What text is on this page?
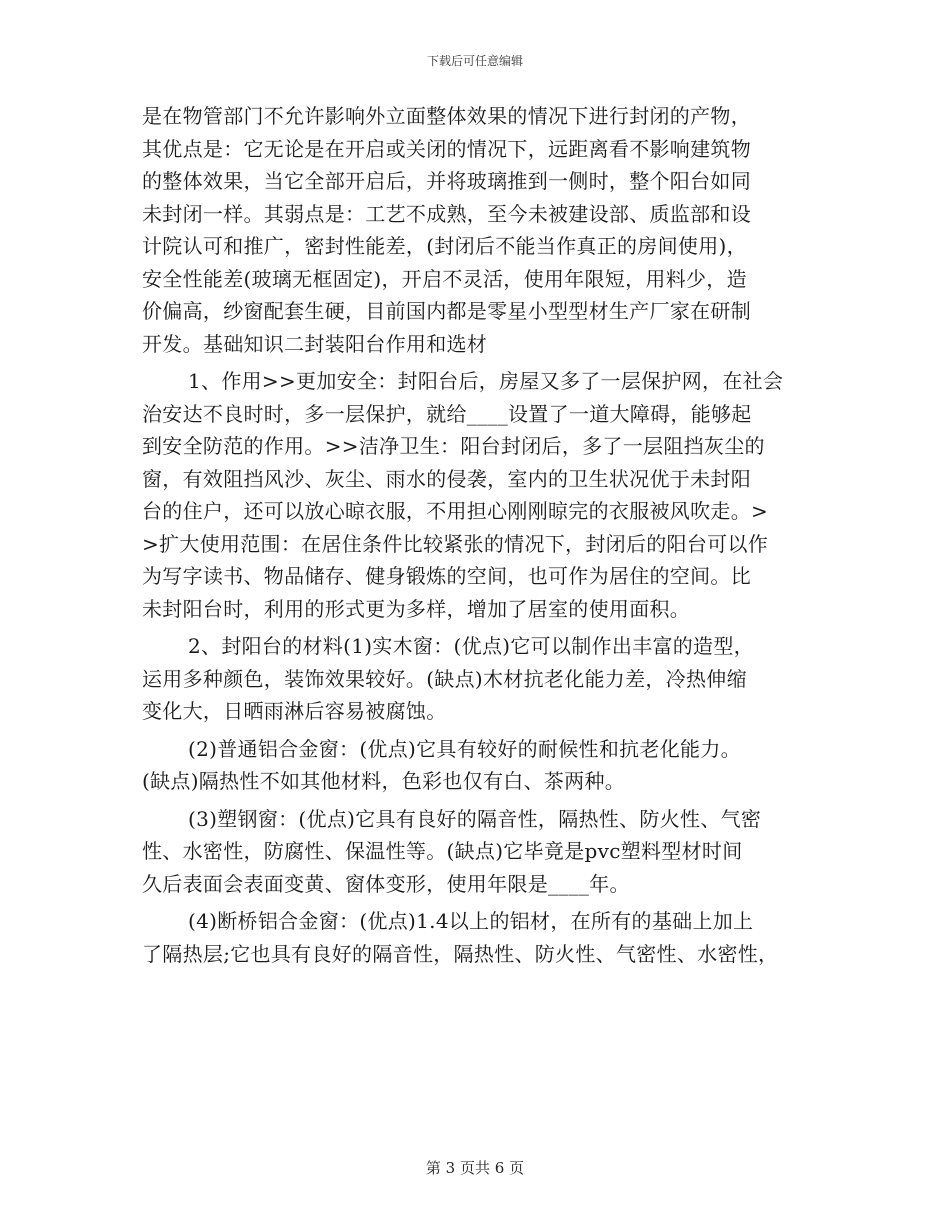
下载后可任意编辑
是在物管部门不允许影响外立面整体效果的情况下进行封闭的产物，
其优点是：它无论是在开启或关闭的情况下，远距离看不影响建筑物
的整体效果，当它全部开启后，并将玻璃推到一侧时，整个阳台如同
未封闭一样。其弱点是：工艺不成熟，至今未被建设部、质监部和设
计院认可和推广，密封性能差，(封闭后不能当作真正的房间使用)，
安全性能差(玻璃无框固定)，开启不灵活，使用年限短，用料少，造
价偏高，纱窗配套生硬，目前国内都是零星小型型材生产厂家在研制
开发。基础知识二封装阳台作用和选材
1、作用>>更加安全：封阳台后，房屋又多了一层保护网，在社会
治安达不良时时，多一层保护，就给____设置了一道大障碍，能够起
到安全防范的作用。>>洁净卫生：阳台封闭后，多了一层阻挡灰尘的
窗，有效阻挡风沙、灰尘、雨水的侵袭，室内的卫生状况优于未封阳
台的住户，还可以放心晾衣服，不用担心刚刚晾完的衣服被风吹走。>
>扩大使用范围：在居住条件比较紧张的情况下，封闭后的阳台可以作
为写字读书、物品储存、健身锻炼的空间，也可作为居住的空间。比
未封阳台时，利用的形式更为多样，增加了居室的使用面积。
2、封阳台的材料(1)实木窗：(优点)它可以制作出丰富的造型，
运用多种颜色，装饰效果较好。(缺点)木材抗老化能力差，冷热伸缩
变化大，日晒雨淋后容易被腐蚀。
(2)普通铝合金窗：(优点)它具有较好的耐候性和抗老化能力。
(缺点)隔热性不如其他材料，色彩也仅有白、茶两种。
(3)塑钢窗：(优点)它具有良好的隔音性，隔热性、防火性、气密
性、水密性，防腐性、保温性等。(缺点)它毕竟是pvc塑料型材时间
久后表面会表面变黄、窗体变形，使用年限是____年。
(4)断桥铝合金窗：(优点)1.4以上的铝材，在所有的基础上加上
了隔热层;它也具有良好的隔音性，隔热性、防火性、气密性、水密性，
第 3 页共 6 页
